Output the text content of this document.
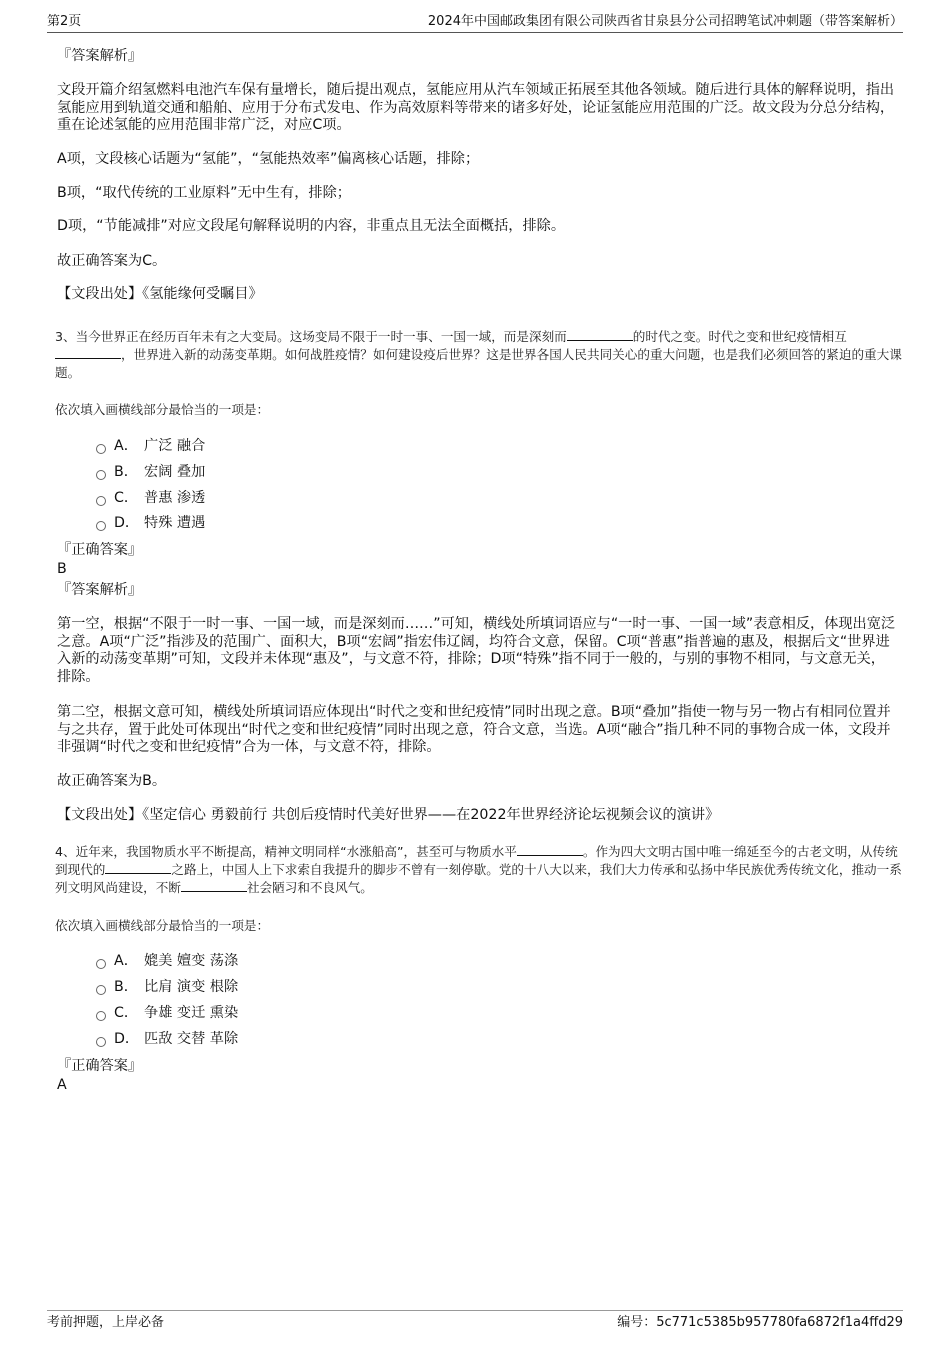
第2页	2024年中国邮政集团有限公司陕西省甘泉县分公司招聘笔试冲刺题（带答案解析）
『答案解析』
文段开篇介绍氢燃料电池汽车保有量增长，随后提出观点，氢能应用从汽车领域正拓展至其他各领域。随后进行具体的解释说明，指出氢能应用到轨道交通和船舶、应用于分布式发电、作为高效原料等带来的诸多好处，论证氢能应用范围的广泛。故文段为分总分结构，重在论述氢能的应用范围非常广泛，对应C项。
A项，文段核心话题为“氢能”，“氢能热效率”偏离核心话题，排除；
B项，“取代传统的工业原料”无中生有，排除；
D项，“节能减排”对应文段尾句解释说明的内容，非重点且无法全面概括，排除。
故正确答案为C。
【文段出处】《氢能缘何受瞩目》
3、当今世界正在经历百年未有之大变局。这场变局不限于一时一事、一国一域，而是深刻而	的时代之变。时代之变和世纪疫情相互，世界进入新的动荡变革期。如何战胜疫情？如何建设疫后世界？这是世界各国人民共同关心的重大问题，也是我们必须回答的紧迫的重大课题。
依次填入画横线部分最恰当的一项是：
A． 广泛 融合
B． 宏阔 叠加
C． 普惠 渗透
D． 特殊 遭遇
『正确答案』
B
『答案解析』
第一空，根据“不限于一时一事、一国一域，而是深刻而……”可知，横线处所填词语应与“一时一事、一国一域”表意相反，体现出宽泛之意。A项“广泛”指涉及的范围广、面积大，B项“宏阔”指宏伟辽阔，均符合文意，保留。C项“普惠”指普遍的惠及，根据后文“世界进入新的动荡变革期”可知，文段并未体现“惠及”，与文意不符，排除；D项“特殊”指不同于一般的，与别的事物不相同，与文意无关，排除。
第二空，根据文意可知，横线处所填词语应体现出“时代之变和世纪疫情”同时出现之意。B项“叠加”指使一物与另一物占有相同位置并与之共存，置于此处可体现出“时代之变和世纪疫情”同时出现之意，符合文意，当选。A项“融合”指几种不同的事物合成一体，文段并非强调“时代之变和世纪疫情”合为一体，与文意不符，排除。
故正确答案为B。
【文段出处】《坚定信心 勇毅前行 共创后疫情时代美好世界——在2022年世界经济论坛视频会议的演讲》
4、近年来，我国物质水平不断提高，精神文明同样“水涨船高”，甚至可与物质水平	。作为四大文明古国中唯一绵延至今的古老文明，从传统到现代的	之路上，中国人上下求索自我提升的脚步不曾有一刻停歇。党的十八大以来，我们大力传承和弘扬中华民族优秀传统文化，推动一系列文明风尚建设，不断	社会陋习和不良风气。
依次填入画横线部分最恰当的一项是：
A． 媲美 嬗变 荡涤
B． 比肩 演变 根除
C． 争雄 变迁 熏染
D． 匹敌 交替 革除
『正确答案』
A
考前押题，上岸必备	编号：5c771c5385b957780fa6872f1a4ffd29
